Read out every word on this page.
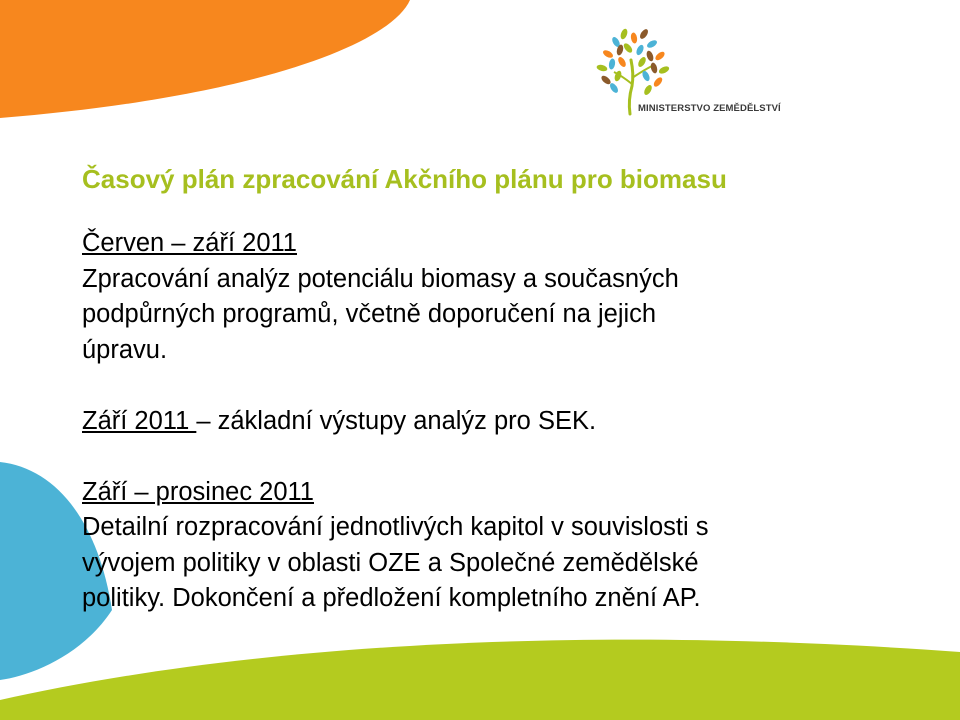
MINISTERSTVO ZEMĚDĚLSTVÍ
Časový plán zpracování Akčního plánu pro biomasu

Červen – září 2011

Zpracování analýz potenciálu biomasy a současných

podpůrných programů, včetně doporučení na jejich

úpravu.

Září 2011 – základní výstupy analýz pro SEK.

Září – prosinec 2011

Detailní rozpracování jednotlivých kapitol v souvislosti s

vývojem politiky v oblasti OZE a Společné zemědělské

politiky. Dokončení a předložení kompletního znění AP.
